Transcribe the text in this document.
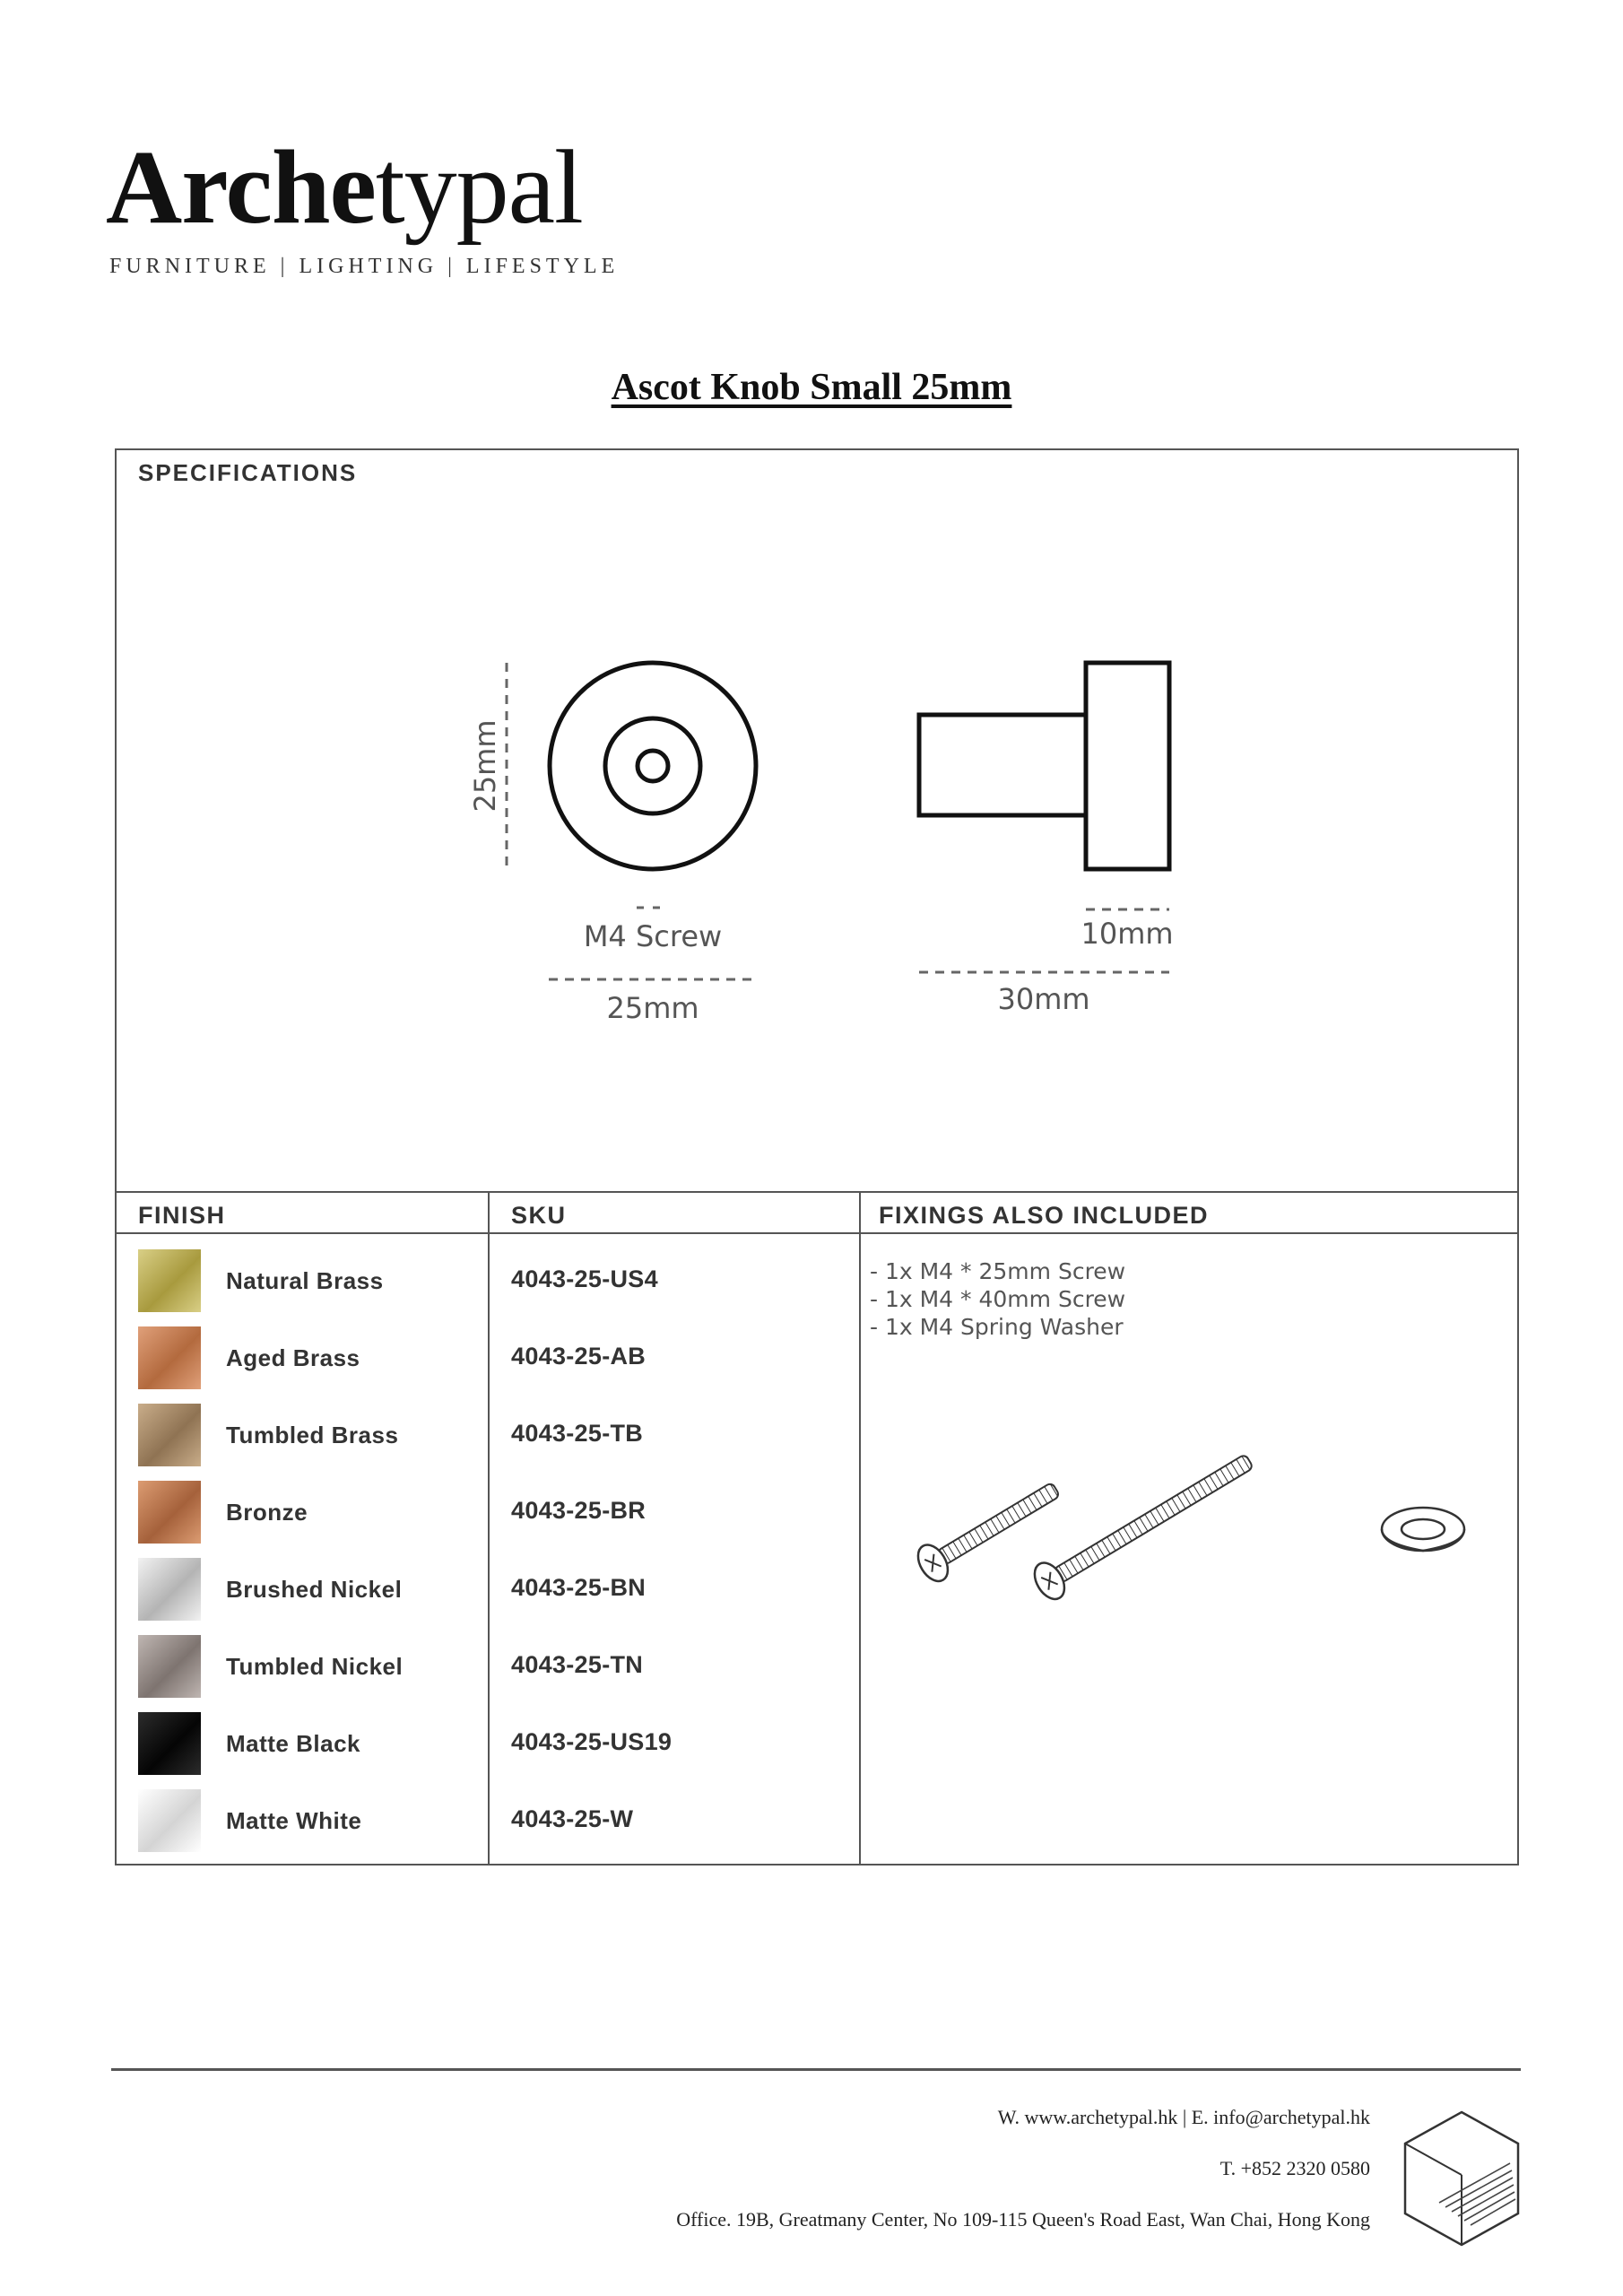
Archetypal
FURNITURE | LIGHTING | LIFESTYLE
Ascot Knob Small 25mm
SPECIFICATIONS
25mm
M4 Screw
25mm
10mm
30mm
FINISH	SKU	FIXINGS ALSO INCLUDED
Natural Brass
Aged Brass
Tumbled Brass
Bronze
Brushed Nickel
Tumbled Nickel
Matte Black
Matte White
4043-25-US4
4043-25-AB
4043-25-TB
4043-25-BR
4043-25-BN
4043-25-TN
4043-25-US19
4043-25-W
- 1x M4 * 25mm Screw
- 1x M4 * 40mm Screw
- 1x M4 Spring Washer
W. www.archetypal.hk | E. info@archetypal.hk
T. +852 2320 0580
Office. 19B, Greatmany Center, No 109-115 Queen's Road East, Wan Chai, Hong Kong
